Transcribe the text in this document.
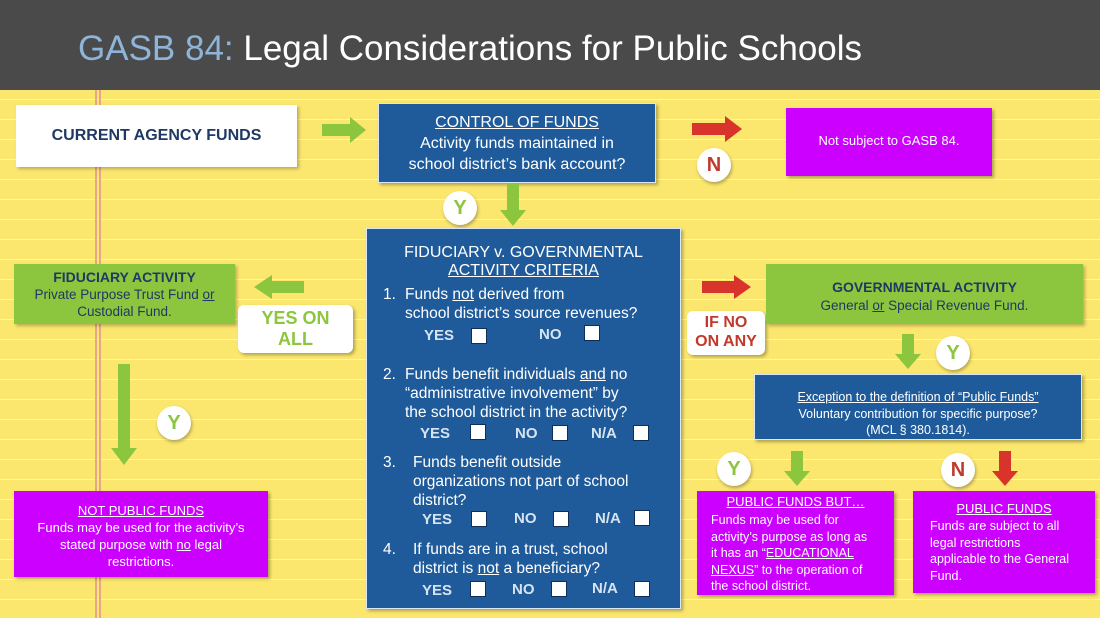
GASB 84: Legal Considerations for Public Schools
CURRENT AGENCY FUNDS
CONTROL OF FUNDS
Activity funds maintained in
school district’s bank account?	N
Not subject to GASB 84.
Y
FIDUCIARY v. GOVERNMENTAL
ACTIVITY CRITERIA
1. Funds not derived from
school district’s source revenues?
YES	NO
2. Funds benefit individuals and no
“administrative involvement” by
the school district in the activity?
YES	NO	N/A
3. Funds benefit outside
organizations not part of school
district?
YES	NO	N/A
4. If funds are in a trust, school
district is not a beneficiary?
YES	NO	N/A
FIDUCIARY ACTIVITY
Private Purpose Trust Fund or
Custodial Fund.	YES ON
ALL
Y
NOT PUBLIC FUNDS
Funds may be used for the activity’s
stated purpose with no legal
restrictions.
IF NO
ON ANY
GOVERNMENTAL ACTIVITY
General or Special Revenue Fund.
Y
Exception to the definition of “Public Funds”
Voluntary contribution for specific purpose?
(MCL § 380.1814).
Y	N
PUBLIC FUNDS BUT…
Funds may be used for
activity’s purpose as long as
it has an “EDUCATIONAL
NEXUS” to the operation of
the school district.
PUBLIC FUNDS
Funds are subject to all
legal restrictions
applicable to the General
Fund.
